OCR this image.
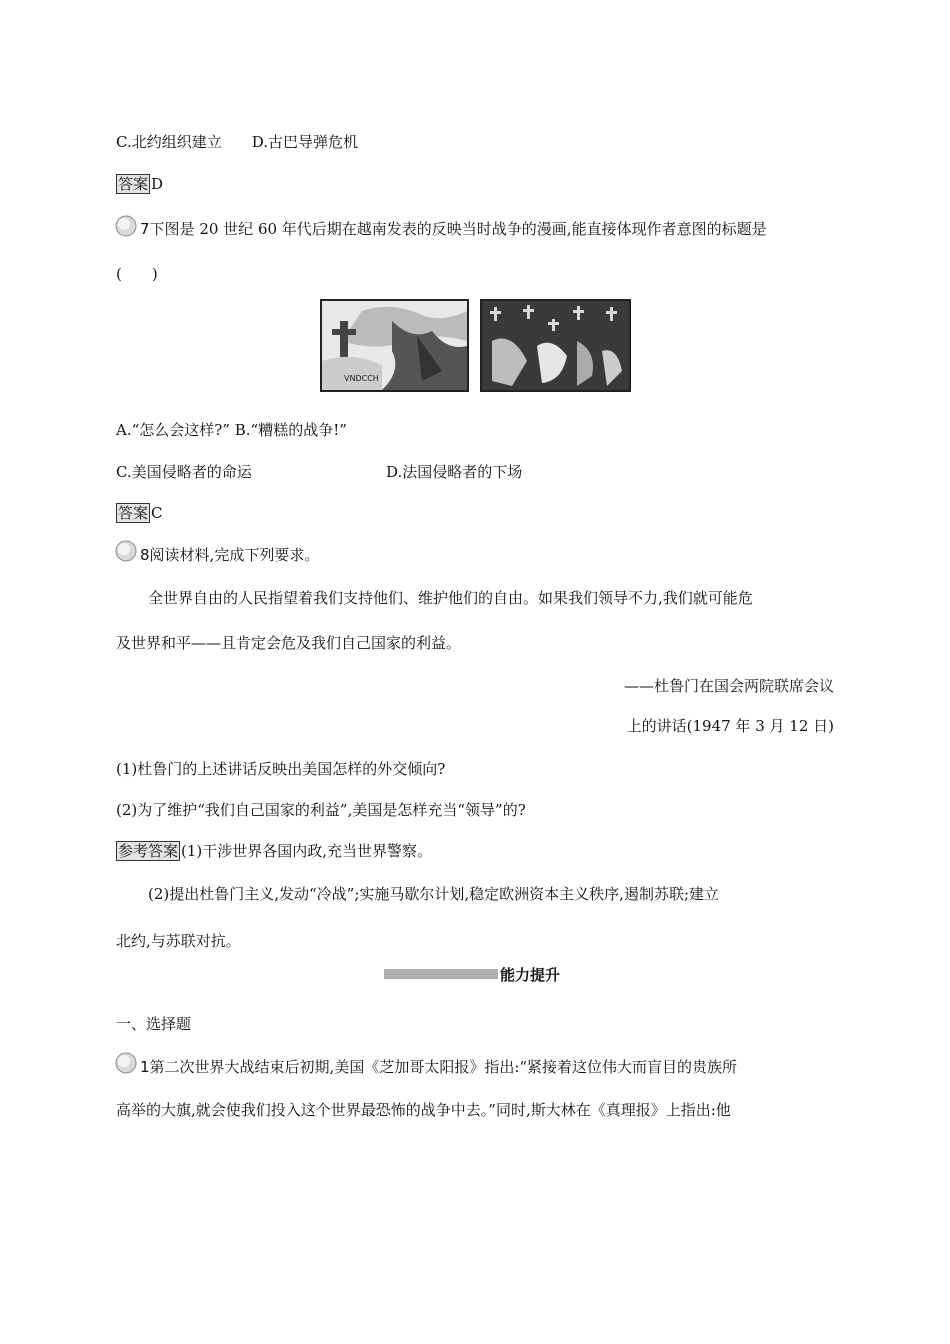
C.北约组织建立 D.古巴导弹危机
答案 D
7下图是 20 世纪 60 年代后期在越南发表的反映当时战争的漫画,能直接体现作者意图的标题是
(　　)
VNDCCH
A.“怎么会这样?” B.“糟糕的战争!”
C.美国侵略者的命运	D.法国侵略者的下场
答案 C
8阅读材料,完成下列要求。
全世界自由的人民指望着我们支持他们、维护他们的自由。如果我们领导不力,我们就可能危
及世界和平——且肯定会危及我们自己国家的利益。
——杜鲁门在国会两院联席会议
上的讲话(1947 年 3 月 12 日)
(1)杜鲁门的上述讲话反映出美国怎样的外交倾向?
(2)为了维护“我们自己国家的利益”,美国是怎样充当“领导”的?
参考答案 (1)干涉世界各国内政,充当世界警察。
(2)提出杜鲁门主义,发动“冷战”;实施马歇尔计划,稳定欧洲资本主义秩序,遏制苏联;建立
北约,与苏联对抗。
能力提升
一、选择题
1第二次世界大战结束后初期,美国《芝加哥太阳报》指出:“紧接着这位伟大而盲目的贵族所
高举的大旗,就会使我们投入这个世界最恐怖的战争中去。”同时,斯大林在《真理报》上指出:他
